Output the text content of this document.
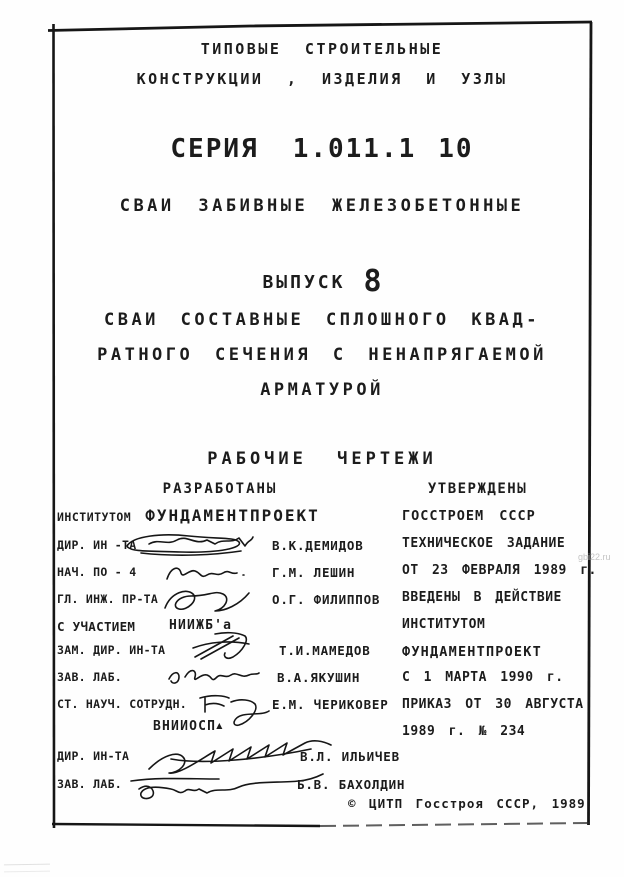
ТИПОВЫЕ СТРОИТЕЛЬНЫЕ
КОНСТРУКЦИИ , ИЗДЕЛИЯ И УЗЛЫ
СЕРИЯ 1.011.1 10
СВАИ ЗАБИВНЫЕ ЖЕЛЕЗОБЕТОННЫЕ
ВЫПУСК 8
СВАИ СОСТАВНЫЕ СПЛОШНОГО КВАД-
РАТНОГО СЕЧЕНИЯ С НЕНАПРЯГАЕМОЙ
АРМАТУРОЙ
РАБОЧИЕ ЧЕРТЕЖИ
РАЗРАБОТАНЫ	УТВЕРЖДЕНЫ
ИНСТИТУТОМ ФУНДАМЕНТПРОЕКТ	ГОССТРОЕМ СССР
ДИР. ИН -ТА	В.К.ДЕМИДОВ
НАЧ. ПО - 4	Г.М. ЛЕШИН
ГЛ. ИНЖ. ПР-ТА	О.Г. ФИЛИППОВ
С УЧАСТИЕМ	НИИЖБ'а
ЗАМ. ДИР. ИН-ТА	Т.И.МАМЕДОВ
ЗАВ. ЛАБ.	В.А.ЯКУШИН
СТ. НАУЧ. СОТРУДН.	Е.М. ЧЕРИКОВЕР
ВНИИОСП▲
ДИР. ИН-ТА	В.Л. ИЛЬИЧЕВ
ЗАВ. ЛАБ.	Б.В. БАХОЛДИН
ТЕХНИЧЕСКОЕ ЗАДАНИЕ
ОТ 23 ФЕВРАЛЯ 1989 г.
ВВЕДЕНЫ В ДЕЙСТВИЕ
ИНСТИТУТОМ
ФУНДАМЕНТПРОЕКТ
С 1 МАРТА 1990 г.
ПРИКАЗ ОТ 30 АВГУСТА
1989 г. № 234
© ЦИТП Госстроя СССР, 1989
gbi22.ru
